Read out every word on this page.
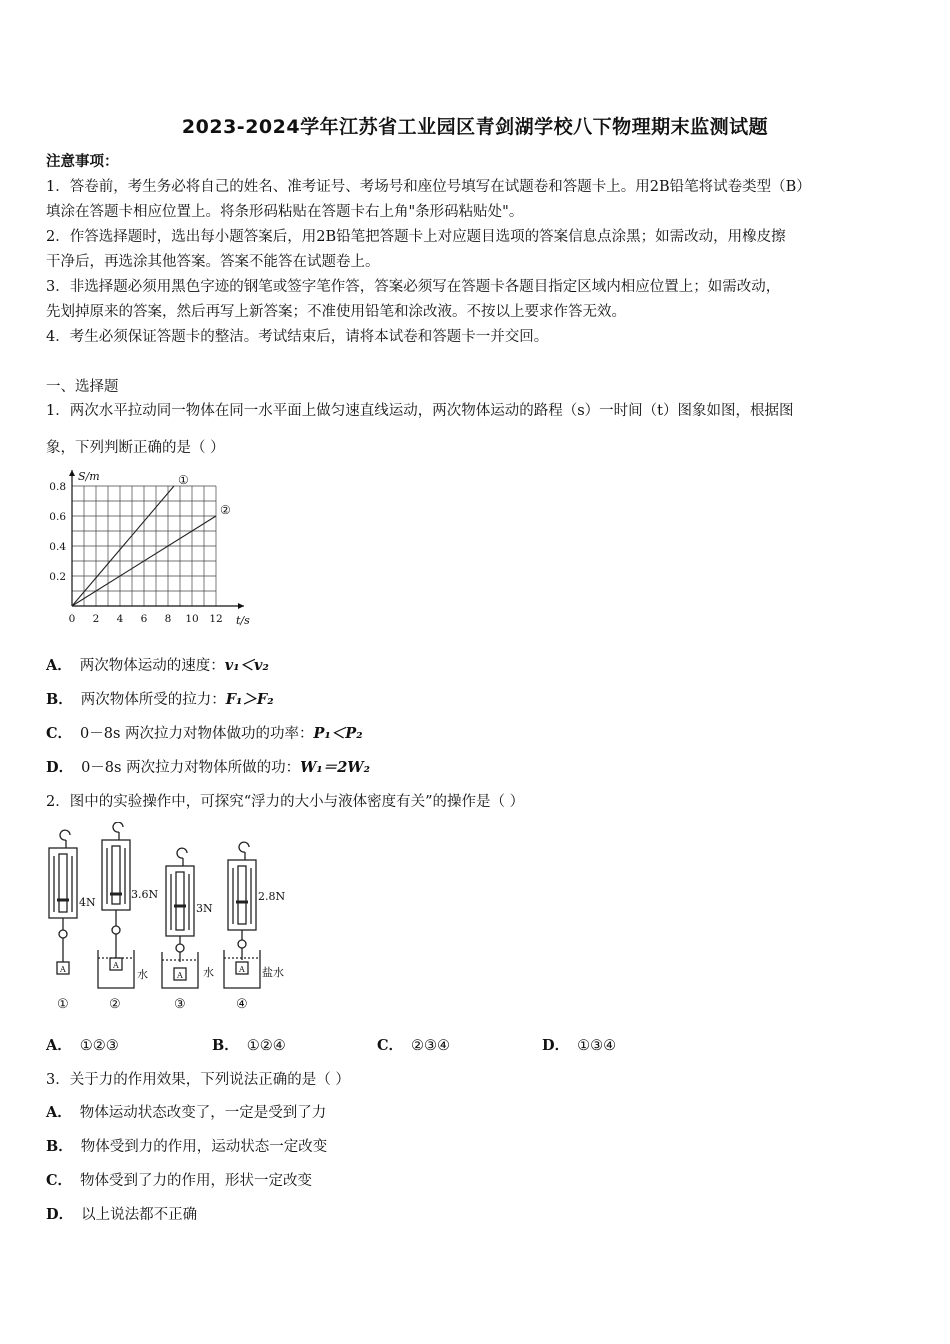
2023-2024学年江苏省工业园区青剑湖学校八下物理期末监测试题
注意事项：
1．答卷前，考生务必将自己的姓名、准考证号、考场号和座位号填写在试题卷和答题卡上。用2B铅笔将试卷类型（B）
填涂在答题卡相应位置上。将条形码粘贴在答题卡右上角"条形码粘贴处"。
2．作答选择题时，选出每小题答案后，用2B铅笔把答题卡上对应题目选项的答案信息点涂黑；如需改动，用橡皮擦
干净后，再选涂其他答案。答案不能答在试题卷上。
3．非选择题必须用黑色字迹的钢笔或签字笔作答，答案必须写在答题卡各题目指定区域内相应位置上；如需改动，
先划掉原来的答案，然后再写上新答案；不准使用铅笔和涂改液。不按以上要求作答无效。
4．考生必须保证答题卡的整洁。考试结束后，请将本试卷和答题卡一并交回。
一、选择题
1．两次水平拉动同一物体在同一水平面上做匀速直线运动，两次物体运动的路程（s）一时间（t）图象如图，根据图
象，下列判断正确的是（ ）
0 2 4 6 8 10 12
0.2
0.4
0.6
0.8
t/s
S/m	①
②
A． 两次物体运动的速度：v₁＜v₂
B． 两次物体所受的拉力：F₁＞F₂
C． 0－8s 两次拉力对物体做功的功率：P₁＜P₂
D． 0－8s 两次拉力对物体所做的功：W₁＝2W₂
2．图中的实验操作中，可探究“浮力的大小与液体密度有关”的操作是（ ）
4N
3.6N
3N
2.8N
水	水	盐水
A	A
A
A
①	②	③	④
A． ①②③	B． ①②④	C． ②③④	D． ①③④
3．关于力的作用效果，下列说法正确的是（ ）
A． 物体运动状态改变了，一定是受到了力
B． 物体受到力的作用，运动状态一定改变
C． 物体受到了力的作用，形状一定改变
D． 以上说法都不正确
